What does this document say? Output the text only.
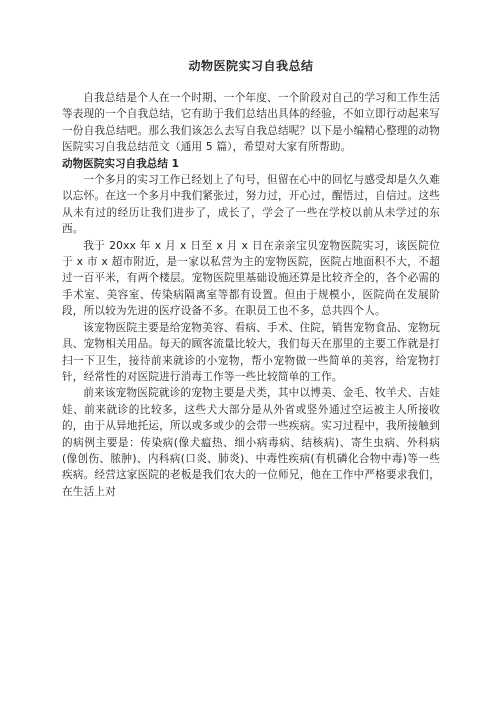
动物医院实习自我总结

自我总结是个人在一个时期、一个年度、一个阶段对自己的学习和工作生活等表现的一个自我总结，它有助于我们总结出具体的经验，不如立即行动起来写一份自我总结吧。那么我们该怎么去写自我总结呢？以下是小编精心整理的动物医院实习自我总结范文（通用 5 篇），希望对大家有所帮助。

动物医院实习自我总结 1

一个多月的实习工作已经划上了句号，但留在心中的回忆与感受却是久久难以忘怀。在这一个多月中我们紧张过，努力过，开心过，醒悟过，自信过。这些从未有过的经历让我们进步了，成长了，学会了一些在学校以前从未学过的东西。

我于 20xx 年 x 月 x 日至 x 月 x 日在亲亲宝贝宠物医院实习，该医院位于 x 市 x 超市附近，是一家以私营为主的宠物医院，医院占地面积不大，不超过一百平米，有两个楼层。宠物医院里基础设施还算是比较齐全的，各个必需的手术室、美容室、传染病隔离室等都有设置。但由于规模小，医院尚在发展阶段，所以较为先进的医疗设备不多。在职员工也不多，总共四个人。

该宠物医院主要是给宠物美容、看病、手术、住院，销售宠物食品、宠物玩具、宠物相关用品。每天的顾客流量比较大，我们每天在那里的主要工作就是打扫一下卫生，接待前来就诊的小宠物，帮小宠物做一些简单的美容，给宠物打针，经常性的对医院进行消毒工作等一些比较简单的工作。

前来该宠物医院就诊的宠物主要是犬类，其中以博美、金毛、牧羊犬、吉娃娃、前来就诊的比较多，这些犬大部分是从外省或竖外通过空运被主人所接收的，由于从异地托运，所以或多或少的会带一些疾病。实习过程中，我所接触到的病例主要是：传染病(像犬瘟热、细小病毒病、结核病)、寄生虫病、外科病(像创伤、脓肿)、内科病(口炎、肺炎)、中毒性疾病(有机磷化合物中毒)等一些疾病。经营这家医院的老板是我们农大的一位师兄，他在工作中严格要求我们，在生活上对
